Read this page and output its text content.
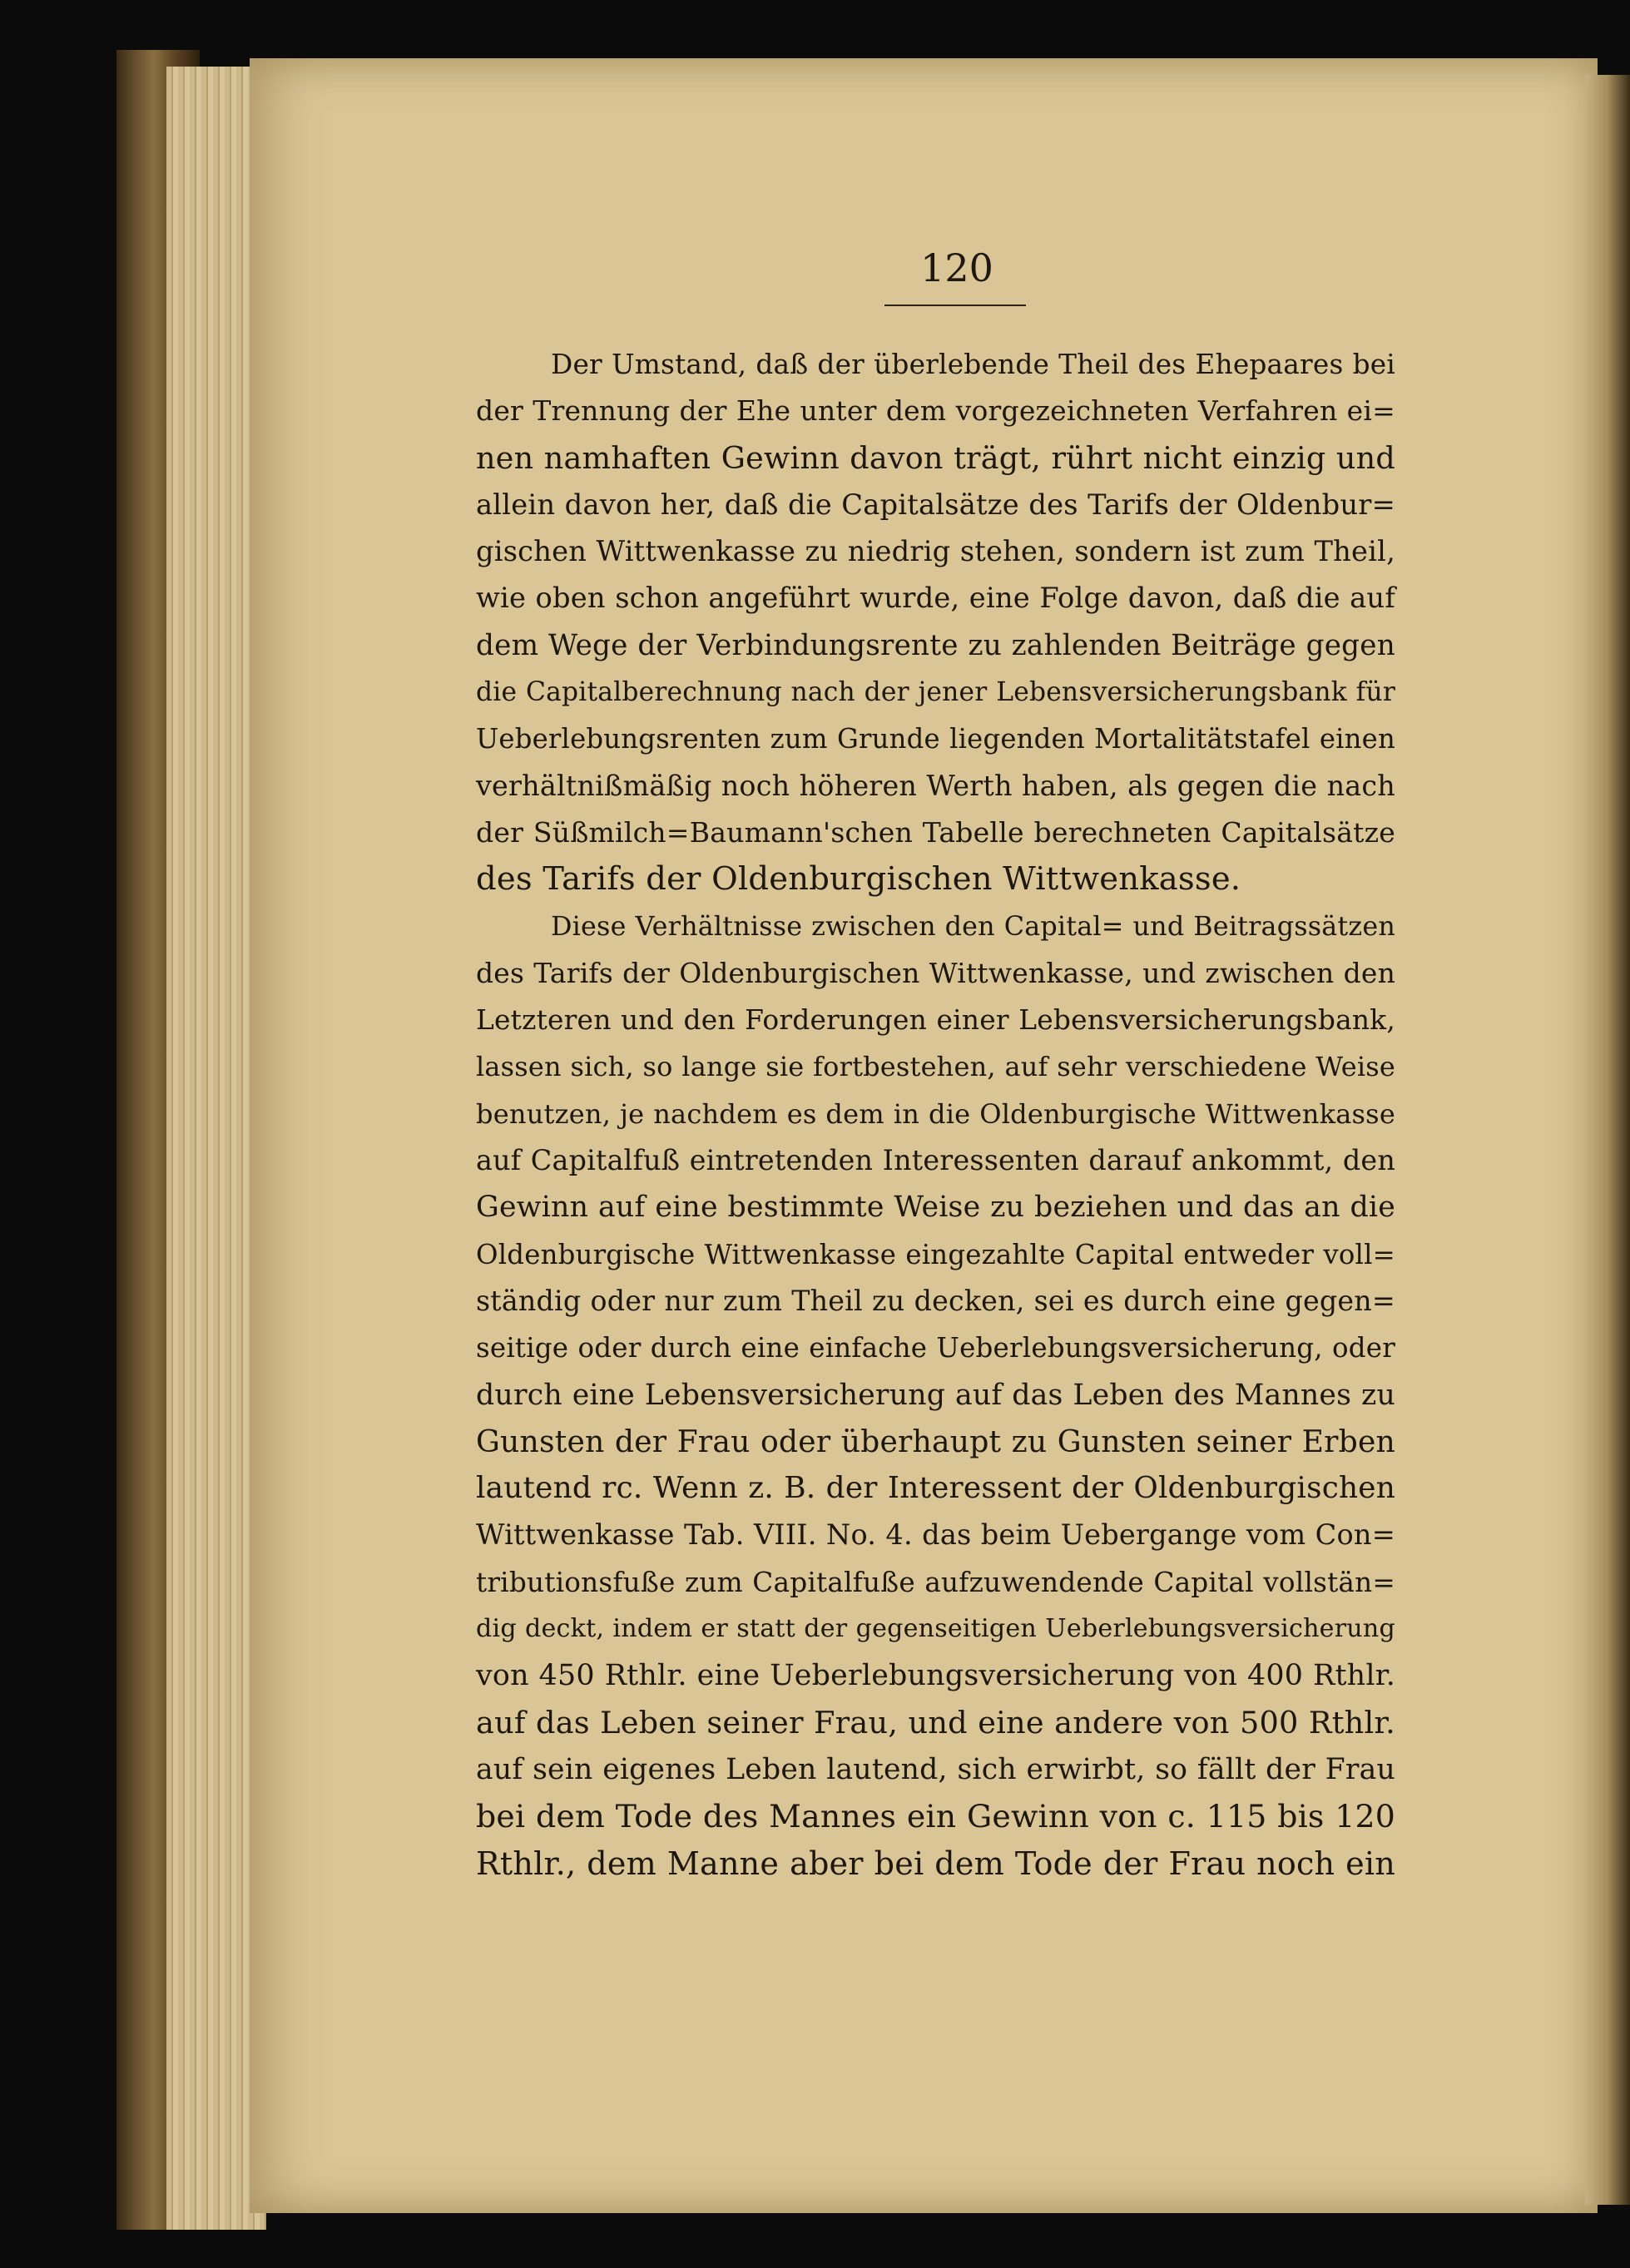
120
Der Umstand, daß der überlebende Theil des Ehepaares bei
der Trennung der Ehe unter dem vorgezeichneten Verfahren ei=
nen namhaften Gewinn davon trägt, rührt nicht einzig und
allein davon her, daß die Capitalsätze des Tarifs der Oldenbur=
gischen Wittwenkasse zu niedrig stehen, sondern ist zum Theil,
wie oben schon angeführt wurde, eine Folge davon, daß die auf
dem Wege der Verbindungsrente zu zahlenden Beiträge gegen
die Capitalberechnung nach der jener Lebensversicherungsbank für
Ueberlebungsrenten zum Grunde liegenden Mortalitätstafel einen
verhältnißmäßig noch höheren Werth haben, als gegen die nach
der Süßmilch=Baumann'schen Tabelle berechneten Capitalsätze
des Tarifs der Oldenburgischen Wittwenkasse.
Diese Verhältnisse zwischen den Capital= und Beitragssätzen
des Tarifs der Oldenburgischen Wittwenkasse, und zwischen den
Letzteren und den Forderungen einer Lebensversicherungsbank,
lassen sich, so lange sie fortbestehen, auf sehr verschiedene Weise
benutzen, je nachdem es dem in die Oldenburgische Wittwenkasse
auf Capitalfuß eintretenden Interessenten darauf ankommt, den
Gewinn auf eine bestimmte Weise zu beziehen und das an die
Oldenburgische Wittwenkasse eingezahlte Capital entweder voll=
ständig oder nur zum Theil zu decken, sei es durch eine gegen=
seitige oder durch eine einfache Ueberlebungsversicherung, oder
durch eine Lebensversicherung auf das Leben des Mannes zu
Gunsten der Frau oder überhaupt zu Gunsten seiner Erben
lautend rc. Wenn z. B. der Interessent der Oldenburgischen
Wittwenkasse Tab. VIII. No. 4. das beim Uebergange vom Con=
tributionsfuße zum Capitalfuße aufzuwendende Capital vollstän=
dig deckt, indem er statt der gegenseitigen Ueberlebungsversicherung
von 450 Rthlr. eine Ueberlebungsversicherung von 400 Rthlr.
auf das Leben seiner Frau, und eine andere von 500 Rthlr.
auf sein eigenes Leben lautend, sich erwirbt, so fällt der Frau
bei dem Tode des Mannes ein Gewinn von c. 115 bis 120
Rthlr., dem Manne aber bei dem Tode der Frau noch ein
